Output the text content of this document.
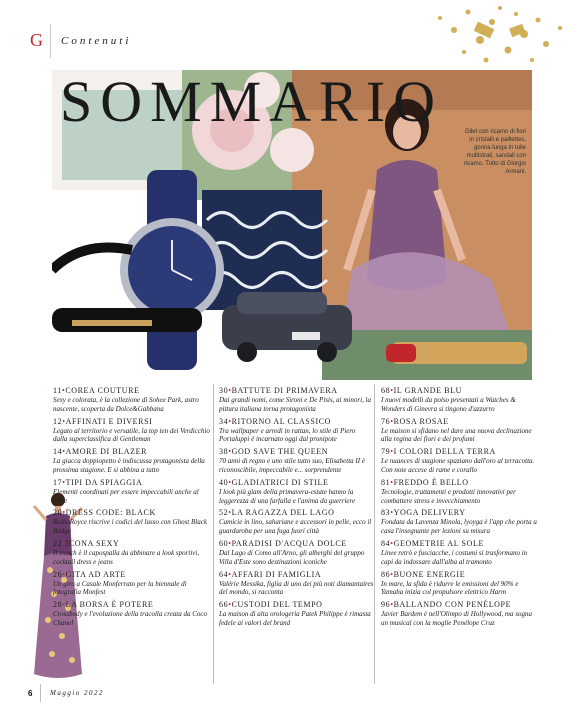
G Contenuti
SOMMARIO	Gilet con ricamo di fiori in cristalli e paillettes, gonna lunga in tulle multistrati, sandali con ricamo. Tutto di Giorgio Armani.
11•COREA COUTURE
Sexy e colorata, è la collezione di Sohee Park, astro nascente, scoperta da Dolce&Gabbana
12•AFFINATI E DIVERSI
Legato al territorio e versatile, la top ten dei Verdicchio dalla superclassifica di Gentleman
14•AMORE DI BLAZER
La giacca doppiopetto è indiscussa protagonista della prossima stagione. E si abbina a tutto
17•TIPI DA SPIAGGIA
Elementi coordinati per essere impeccabili anche al mare
20•DRESS CODE: BLACK
Rolls-Royce riscrive i codici del lusso con Ghost Black Badge
22•ICONA SEXY
Il trench è il capospalla da abbinare a look sportivi, cocktail dress e jeans
26•GITA AD ARTE
Un giro a Casale Monferrato per la biennale di fotografia Monfest
28•LA BORSA È POTERE
Crossbody e l'evoluzione della tracolla creata da Coco Chanel
30•BATTUTE DI PRIMAVERA
Dai grandi nomi, come Sironi e De Pisis, ai minori, la pittura italiana torna protagonista
34•RITORNO AL CLASSICO
Tra wallpaper e arredi in rattan, lo stile di Piero Portaluppi è incarnato oggi dal pronipote
38•GOD SAVE THE QUEEN
70 anni di regno e uno stile tutto suo, Elisabetta II è riconoscibile, impeccabile e... sorprendente
40•GLADIATRICI DI STILE
I look più glam della primavera-estate hanno la leggerezza di una farfalla e l'anima da guerriere
52•LA RAGAZZA DEL LAGO
Camicie in lino, sahariane e accessori in pelle, ecco il guardaroba per una fuga fuori città
60•PARADISI D'ACQUA DOLCE
Dal Lago di Como all'Arno, gli alberghi del gruppo Villa d'Este sono destinazioni iconiche
64•AFFARI DI FAMIGLIA
Valérie Messika, figlia di uno dei più noti diamantaires del mondo, si racconta
66•CUSTODI DEL TEMPO
La maison di alta orologeria Patek Philippe è rimasta fedele ai valori del brand
68•IL GRANDE BLU
I nuovi modelli da polso presentati a Watches & Wonders di Ginevra si tingono d'azzurro
76•ROSA ROSAE
Le maison si sfidano nel dare una nuova declinazione alla regina dei fiori e dei profumi
79•I COLORI DELLA TERRA
Le nuances di stagione spaziano dall'oro al terracotta. Con note accese di rame e corallo
81•FREDDO È BELLO
Tecnologie, trattamenti e prodotti innovativi per combattere stress e invecchiamento
83•YOGA DELIVERY
Fondata da Lavenza Minola, lyoyga è l'app che porta a casa l'insegnante per lezioni su misura
84•GEOMETRIE AL SOLE
Linee retrò e fusciacche, i costumi si trasformano in capi da indossare dall'alba al tramonto
86•BUONE ENERGIE
In mare, la sfida è ridurre le emissioni del 90% e Yamaha inizia col propulsore elettrico Harm
96•BALLANDO CON PENÉLOPE
Javier Bardem è nell'Olimpo di Hollywood, ma sogna un musical con la moglie Penélope Cruz
6	Maggio 2022
